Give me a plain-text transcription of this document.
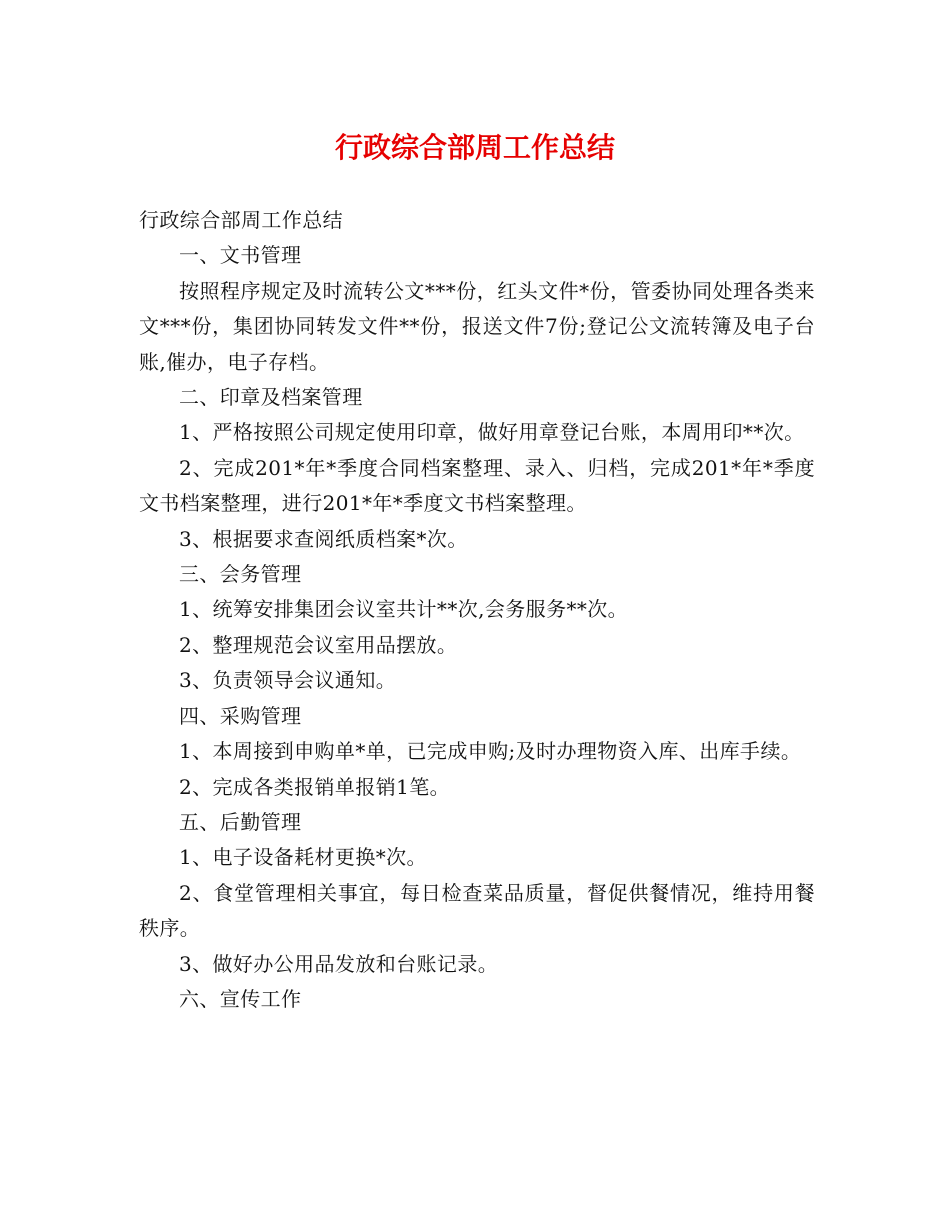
行政综合部周工作总结

行政综合部周工作总结

一、文书管理

按照程序规定及时流转公文***份，红头文件*份，管委协同处理各类来文***份，集团协同转发文件**份，报送文件7份;登记公文流转簿及电子台账,催办，电子存档。

二、印章及档案管理

1、严格按照公司规定使用印章，做好用章登记台账，本周用印**次。

2、完成201*年*季度合同档案整理、录入、归档，完成201*年*季度文书档案整理，进行201*年*季度文书档案整理。

3、根据要求查阅纸质档案*次。

三、会务管理

1、统筹安排集团会议室共计**次,会务服务**次。

2、整理规范会议室用品摆放。

3、负责领导会议通知。

四、采购管理

1、本周接到申购单*单，已完成申购;及时办理物资入库、出库手续。

2、完成各类报销单报销1笔。

五、后勤管理

1、电子设备耗材更换*次。

2、食堂管理相关事宜，每日检查菜品质量，督促供餐情况，维持用餐秩序。

3、做好办公用品发放和台账记录。

六、宣传工作
